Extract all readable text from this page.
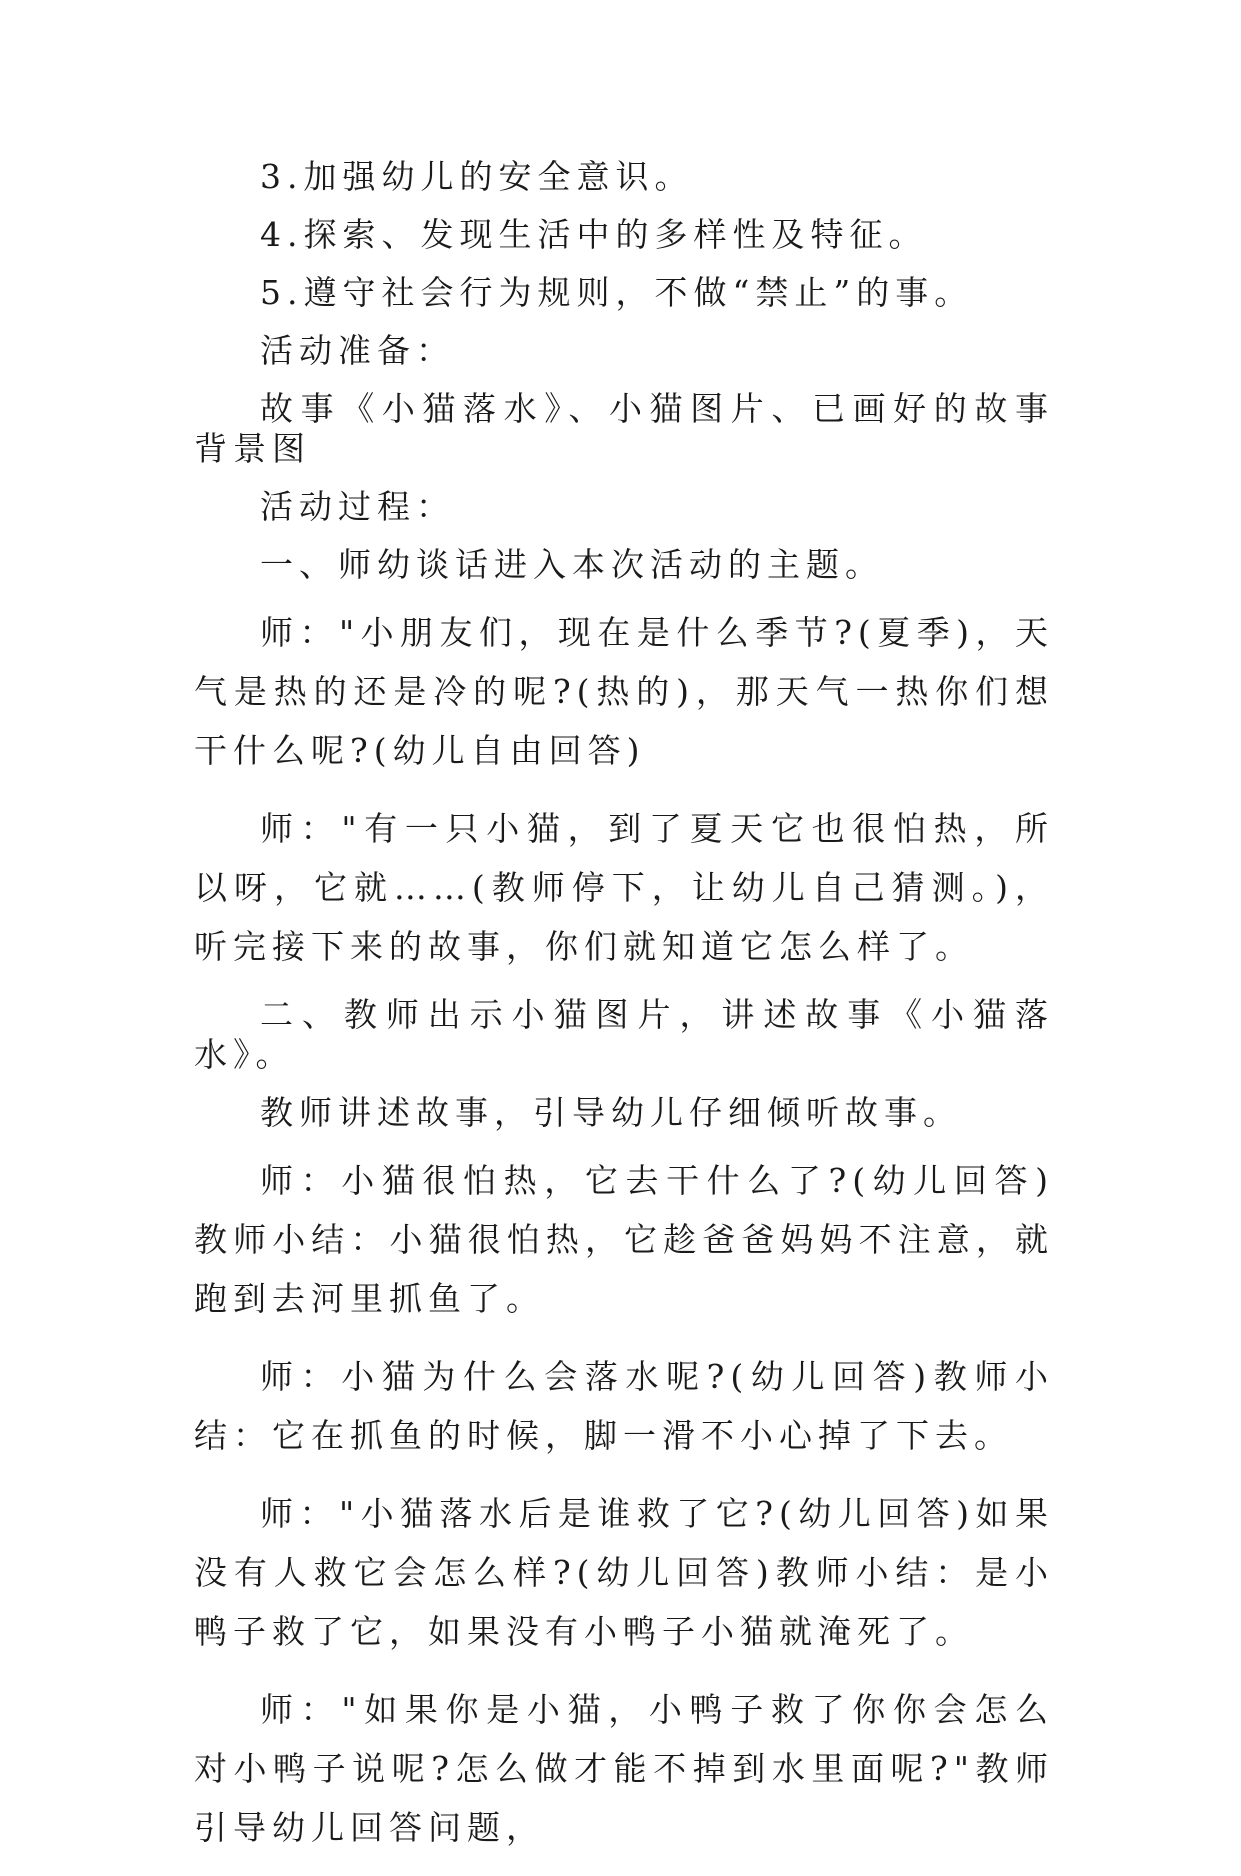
3.加强幼儿的安全意识。

4.探索、发现生活中的多样性及特征。

5.遵守社会行为规则，不做“禁止”的事。

活动准备：

故事《小猫落水》、小猫图片、已画好的故事背景图

活动过程：

一、师幼谈话进入本次活动的主题。

师："小朋友们，现在是什么季节?(夏季)，天气是热的还是冷的呢?(热的)，那天气一热你们想干什么呢?(幼儿自由回答)

师："有一只小猫，到了夏天它也很怕热，所以呀，它就……(教师停下，让幼儿自己猜测。)，听完接下来的故事，你们就知道它怎么样了。

二、教师出示小猫图片，讲述故事《小猫落水》。

教师讲述故事，引导幼儿仔细倾听故事。

师：小猫很怕热，它去干什么了?(幼儿回答)教师小结：小猫很怕热，它趁爸爸妈妈不注意，就跑到去河里抓鱼了。

师：小猫为什么会落水呢?(幼儿回答)教师小结：它在抓鱼的时候，脚一滑不小心掉了下去。

师："小猫落水后是谁救了它?(幼儿回答)如果没有人救它会怎么样?(幼儿回答)教师小结：是小鸭子救了它，如果没有小鸭子小猫就淹死了。

师："如果你是小猫，小鸭子救了你你会怎么对小鸭子说呢?怎么做才能不掉到水里面呢?"教师引导幼儿回答问题，
